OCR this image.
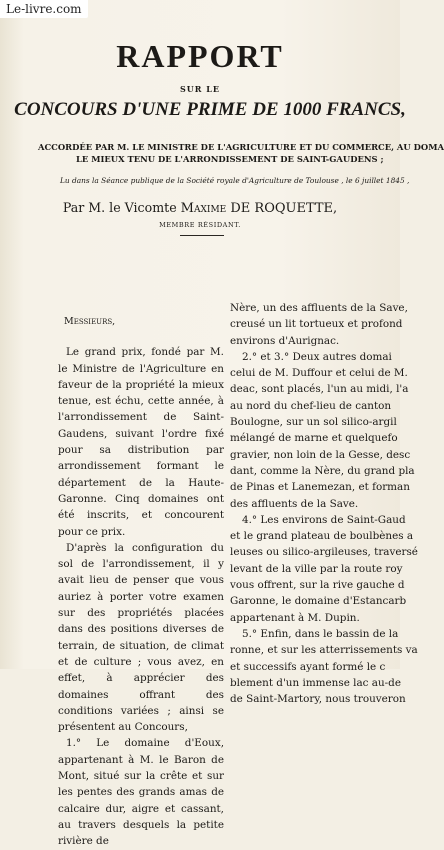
Le-livre.com
RAPPORT
SUR LE
CONCOURS D'UNE PRIME DE 1000 FRANCS,
ACCORDÉE PAR M. LE MINISTRE DE L'AGRICULTURE ET DU COMMERCE, AU DOMA
LE MIEUX TENU DE L'ARRONDISSEMENT DE SAINT-GAUDENS ;
Lu dans la Séance publique de la Société royale d'Agriculture de Toulouse , le 6 juillet 1845 ,
Par M. le Vicomte Maxime DE ROQUETTE,
MEMBRE RÉSIDANT.

Messieurs,

Le grand prix, fondé par M. le Ministre de l'Agriculture en faveur de la propriété la mieux tenue, est échu, cette année, à l'arrondissement de Saint-Gaudens, suivant l'ordre fixé pour sa distribution par arrondissement formant le département de la Haute-Garonne. Cinq domaines ont été inscrits, et concourent pour ce prix.

D'après la configuration du sol de l'arrondissement, il y avait lieu de penser que vous auriez à porter votre examen sur des propriétés placées dans des positions diverses de terrain, de situation, de climat et de culture ; vous avez, en effet, à apprécier des domaines offrant des conditions variées ; ainsi se présentent au Concours,

1.° Le domaine d'Eoux, appartenant à M. le Baron de Mont, situé sur la crête et sur les pentes des grands amas de calcaire dur, aigre et cassant, au travers desquels la petite rivière de

Nère, un des affluents de la Save,
creusé un lit tortueux et profond
environs d'Aurignac.
2.° et 3.° Deux autres domai
celui de M. Duffour et celui de M.
deac, sont placés, l'un au midi, l'a
au nord du chef-lieu de canton
Boulogne, sur un sol silico-argil
mélangé de marne et quelquefo
gravier, non loin de la Gesse, desc
dant, comme la Nère, du grand pla
de Pinas et Lanemezan, et forman
des affluents de la Save.
4.° Les environs de Saint-Gaud
et le grand plateau de boulbènes a
leuses ou silico-argileuses, traversé
levant de la ville par la route roy
vous offrent, sur la rive gauche d
Garonne, le domaine d'Estancarb
appartenant à M. Dupin.
5.° Enfin, dans le bassin de la
ronne, et sur les atterrissements va
et successifs ayant formé le c
blement d'un immense lac au-de
de Saint-Martory, nous trouveron
